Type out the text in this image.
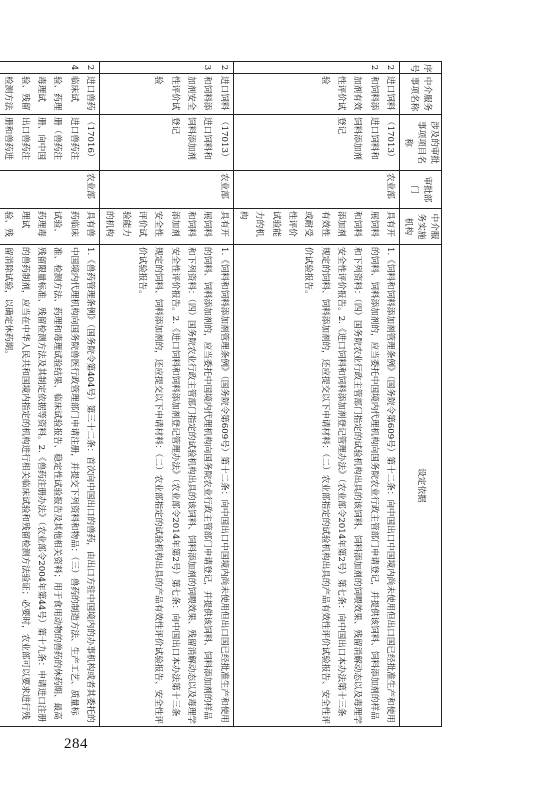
序号	中介服务事项名称	涉及的审批事项项目名称	审批部门	中介服务实施机构	设定依据
22	进口饲料和饲料添加剂有效性评价试验	（17013）进口饲料和饲料添加剂登记	农业部	具有开展饲料和饲料添加剂有效性或耐受性评价试验能力的机构	1.《饲料和饲料添加剂管理条例》（国务院令第609号）第十二条：向中国出口中国境内尚未使用但出口国已经批准生产和使用的饲料、饲料添加剂的，应当委托中国境内代理机构向国务院农业行政主管部门申请登记，并提供该饲料、饲料添加剂的样品和下列资料：（四）国务院农业行政主管部门指定的试验机构出具的该饲料、饲料添加剂的饲喂效果、残留消解动态以及毒理学安全性评价报告。2.《进口饲料和饲料添加剂登记管理办法》（农业部令2014年第2号）第七条：向中国出口本办法第十三条规定的饲料、饲料添加剂的，还应提交以下申请材料：（二）农业部指定的试验机构出具的产品有效性评价试验报告、安全性评价试验报告。
23	进口饲料和饲料添加剂安全性评价试验	（17013）进口饲料和饲料添加剂登记	农业部	具有开展饲料和饲料添加剂安全性评价试验能力的机构	1.《饲料和饲料添加剂管理条例》（国务院令第609号）第十二条：向中国出口中国境内尚未使用但出口国已经批准生产和使用的饲料、饲料添加剂的，应当委托中国境内代理机构向国务院农业行政主管部门申请登记，并提供该饲料、饲料添加剂的样品和下列资料：（四）国务院农业行政主管部门指定的试验机构出具的该饲料、饲料添加剂的饲喂效果、残留消解动态以及毒理学安全性评价报告。2.《进口饲料和饲料添加剂登记管理办法》（农业部令2014年第2号）第七条：向中国出口本办法第十三条规定的饲料、饲料添加剂的，还应提交以下申请材料：（二）农业部指定的试验机构出具的产品有效性评价试验报告、安全性评价试验报告。
24	进口兽药临床试验、药理毒理试验、残留检测方法	（17016）进口兽药注册（兽药注册、向中国出口兽药注册和兽药进	农业部	具有兽药临床试验、药理毒理试验、残	1.《兽药管理条例》（国务院令第404号）第三十二条：首次向中国出口的兽药，由出口方驻中国境内的办事机构或者其委托的中国境内代理机构向国务院兽医行政管理部门申请注册，并提交下列资料和物品：（三）兽药的制造方法、生产工艺、质量标准、检测方法、药理和毒理试验结果、临床试验报告、稳定性试验报告及其他相关资料；用于食用动物的兽药的休药期、最高残留限量标准、残留检测方法及其制定依据等资料。2.《兽药注册办法》（农业部令2004年第44号）第十九条：申请进口注册的兽药制剂，应当在中华人民共和国境内指定的机构进行相关临床试验和残留检测方法验证；必要时，农业部可以要求进行残留消除试验，以确定休药期。
284
